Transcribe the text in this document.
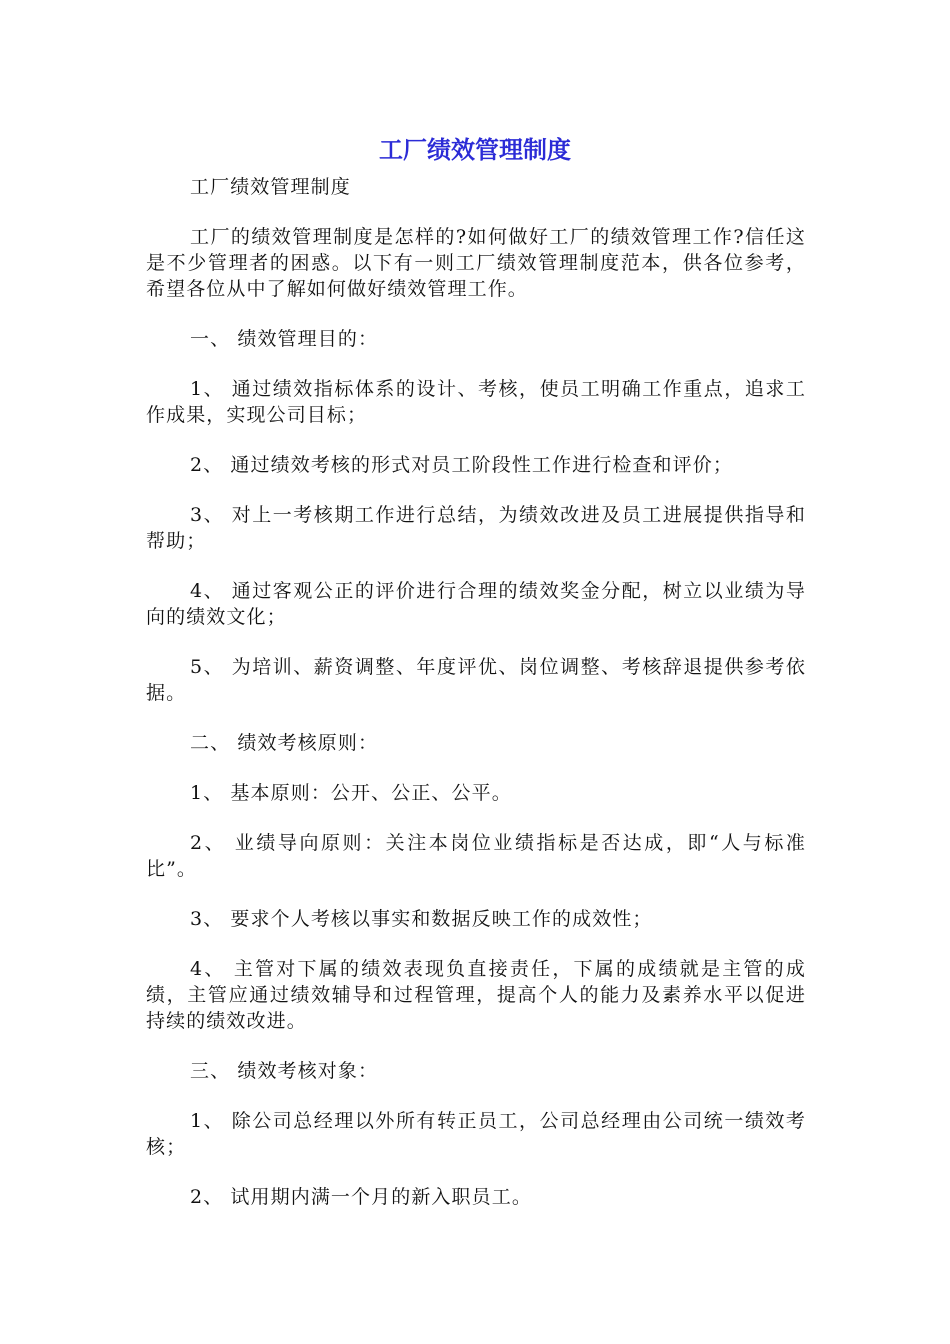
工厂绩效管理制度

工厂绩效管理制度

工厂的绩效管理制度是怎样的?如何做好工厂的绩效管理工作?信任这是不少管理者的困惑。以下有一则工厂绩效管理制度范本，供各位参考，希望各位从中了解如何做好绩效管理工作。

一、 绩效管理目的：

1、 通过绩效指标体系的设计、考核，使员工明确工作重点，追求工作成果，实现公司目标；

2、 通过绩效考核的形式对员工阶段性工作进行检查和评价；

3、 对上一考核期工作进行总结，为绩效改进及员工进展提供指导和帮助；

4、 通过客观公正的评价进行合理的绩效奖金分配，树立以业绩为导向的绩效文化；

5、 为培训、薪资调整、年度评优、岗位调整、考核辞退提供参考依据。

二、 绩效考核原则：

1、 基本原则：公开、公正、公平。

2、 业绩导向原则：关注本岗位业绩指标是否达成，即“人与标准比”。

3、 要求个人考核以事实和数据反映工作的成效性；

4、 主管对下属的绩效表现负直接责任，下属的成绩就是主管的成绩，主管应通过绩效辅导和过程管理，提高个人的能力及素养水平以促进持续的绩效改进。

三、 绩效考核对象：

1、 除公司总经理以外所有转正员工，公司总经理由公司统一绩效考核；

2、 试用期内满一个月的新入职员工。
